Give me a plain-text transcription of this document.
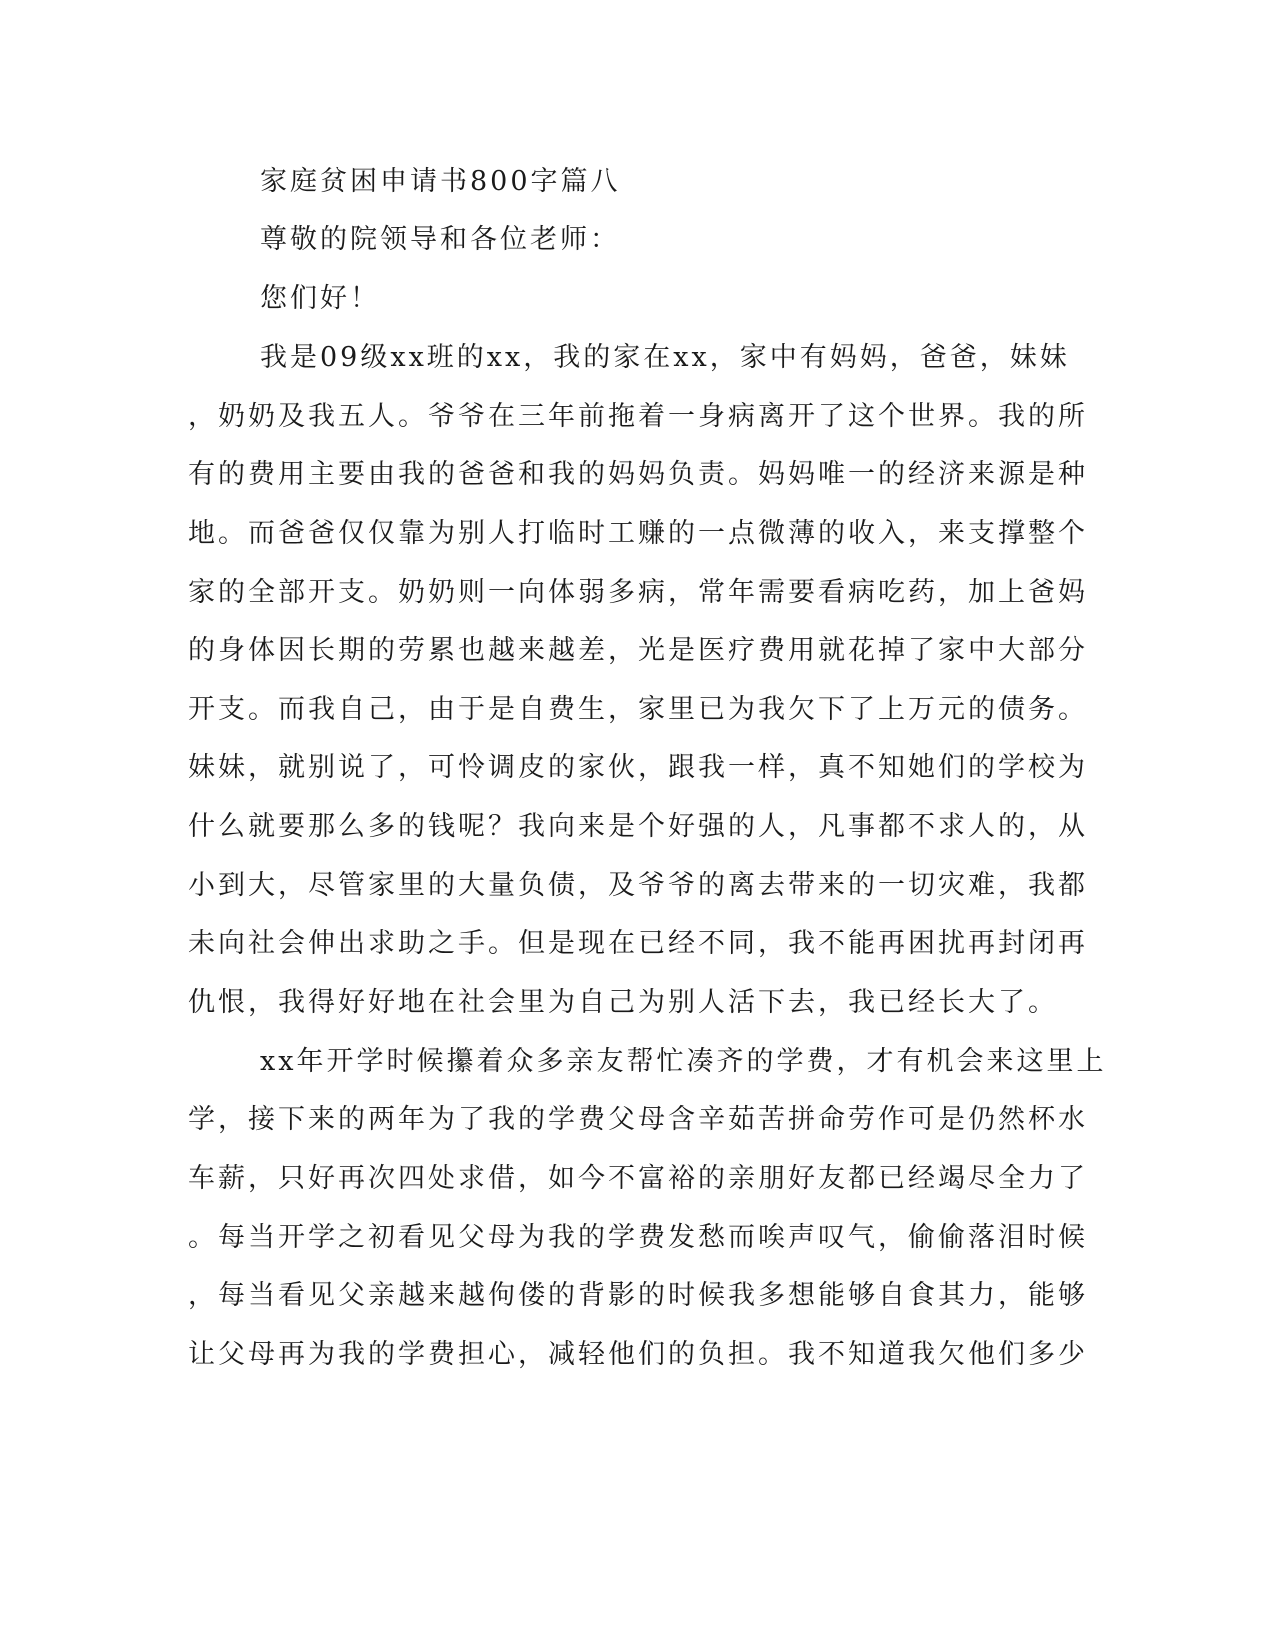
家庭贫困申请书800字篇八
尊敬的院领导和各位老师：
您们好！
我是09级xx班的xx，我的家在xx，家中有妈妈，爸爸，妹妹
，奶奶及我五人。爷爷在三年前拖着一身病离开了这个世界。我的所
有的费用主要由我的爸爸和我的妈妈负责。妈妈唯一的经济来源是种
地。而爸爸仅仅靠为别人打临时工赚的一点微薄的收入，来支撑整个
家的全部开支。奶奶则一向体弱多病，常年需要看病吃药，加上爸妈
的身体因长期的劳累也越来越差，光是医疗费用就花掉了家中大部分
开支。而我自己，由于是自费生，家里已为我欠下了上万元的债务。
妹妹，就别说了，可怜调皮的家伙，跟我一样，真不知她们的学校为
什么就要那么多的钱呢？我向来是个好强的人，凡事都不求人的，从
小到大，尽管家里的大量负债，及爷爷的离去带来的一切灾难，我都
未向社会伸出求助之手。但是现在已经不同，我不能再困扰再封闭再
仇恨，我得好好地在社会里为自己为别人活下去，我已经长大了。
xx年开学时候攥着众多亲友帮忙凑齐的学费，才有机会来这里上
学，接下来的两年为了我的学费父母含辛茹苦拼命劳作可是仍然杯水
车薪，只好再次四处求借，如今不富裕的亲朋好友都已经竭尽全力了
。每当开学之初看见父母为我的学费发愁而唉声叹气，偷偷落泪时候
，每当看见父亲越来越佝偻的背影的时候我多想能够自食其力，能够
让父母再为我的学费担心，减轻他们的负担。我不知道我欠他们多少
